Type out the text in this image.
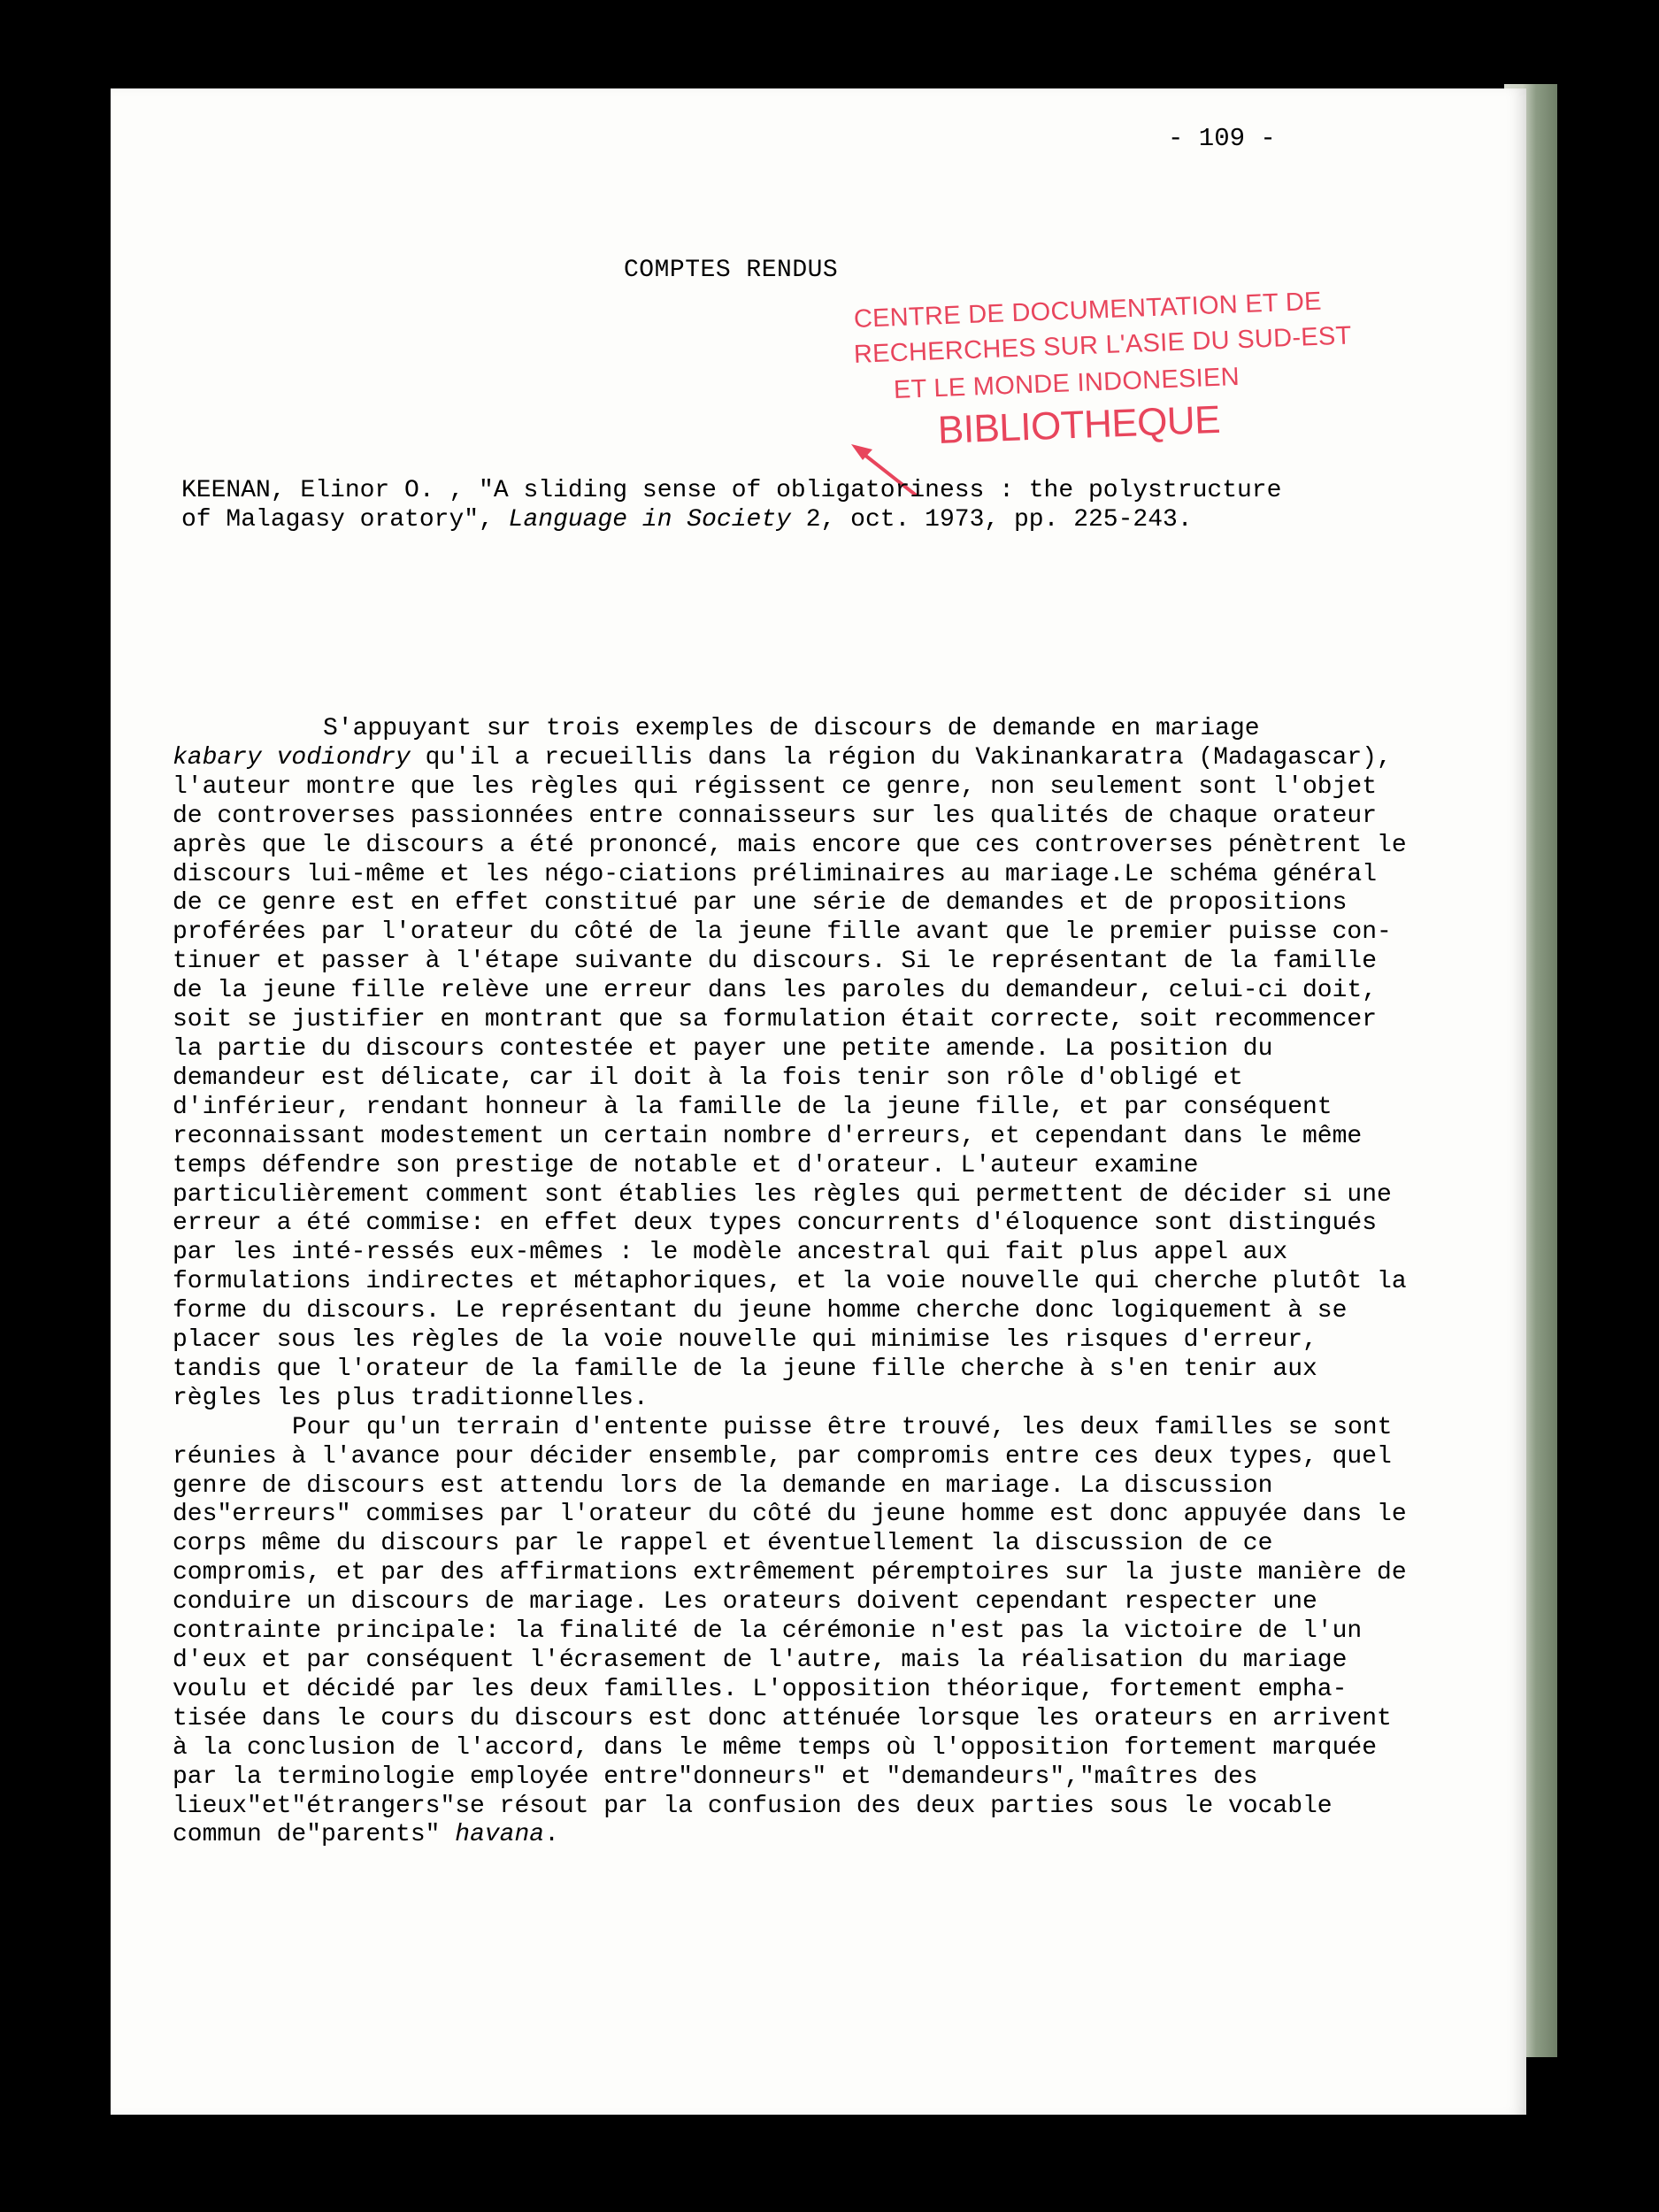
- 109 -
COMPTES RENDUS
CENTRE DE DOCUMENTATION ET DE
RECHERCHES SUR L'ASIE DU SUD-EST
ET LE MONDE INDONESIEN
BIBLIOTHEQUE

KEENAN, Elinor O. , "A sliding sense of obligatoriness : the polystructure

of Malagasy oratory", Language in Society 2, oct. 1973, pp. 225-243.

S'appuyant sur trois exemples de discours de demande en mariage
kabary vodiondry qu'il a recueillis dans la région du Vakinankaratra (Madagascar), l'auteur montre que les règles qui régissent ce genre, non seulement sont l'objet de controverses passionnées entre connaisseurs sur les qualités de chaque orateur après que le discours a été prononcé, mais encore que ces controverses pénètrent le discours lui-même et les négo-ciations préliminaires au mariage.Le schéma général de ce genre est en effet constitué par une série de demandes et de propositions proférées par l'orateur du côté de la jeune fille avant que le premier puisse con-tinuer et passer à l'étape suivante du discours. Si le représentant de la famille de la jeune fille relève une erreur dans les paroles du demandeur, celui-ci doit, soit se justifier en montrant que sa formulation était correcte, soit recommencer la partie du discours contestée et payer une petite amende. La position du demandeur est délicate, car il doit à la fois tenir son rôle d'obligé et d'inférieur, rendant honneur à la famille de la jeune fille, et par conséquent reconnaissant modestement un certain nombre d'erreurs, et cependant dans le même temps défendre son prestige de notable et d'orateur. L'auteur examine particulièrement comment sont établies les règles qui permettent de décider si une erreur a été commise: en effet deux types concurrents d'éloquence sont distingués par les inté-ressés eux-mêmes : le modèle ancestral qui fait plus appel aux formulations indirectes et métaphoriques, et la voie nouvelle qui cherche plutôt la forme du discours. Le représentant du jeune homme cherche donc logiquement à se placer sous les règles de la voie nouvelle qui minimise les risques d'erreur, tandis que l'orateur de la famille de la jeune fille cherche à s'en tenir aux règles les plus traditionnelles.

Pour qu'un terrain d'entente puisse être trouvé, les deux familles se sont réunies à l'avance pour décider ensemble, par compromis entre ces deux types, quel genre de discours est attendu lors de la demande en mariage. La discussion des"erreurs" commises par l'orateur du côté du jeune homme est donc appuyée dans le corps même du discours par le rappel et éventuellement la discussion de ce compromis, et par des affirmations extrêmement péremptoires sur la juste manière de conduire un discours de mariage. Les orateurs doivent cependant respecter une contrainte principale: la finalité de la cérémonie n'est pas la victoire de l'un d'eux et par conséquent l'écrasement de l'autre, mais la réalisation du mariage voulu et décidé par les deux familles. L'opposition théorique, fortement empha-tisée dans le cours du discours est donc atténuée lorsque les orateurs en arrivent à la conclusion de l'accord, dans le même temps où l'opposition fortement marquée par la terminologie employée entre"donneurs" et "demandeurs","maîtres des lieux"et"étrangers"se résout par la confusion des deux parties sous le vocable commun de"parents" havana.
